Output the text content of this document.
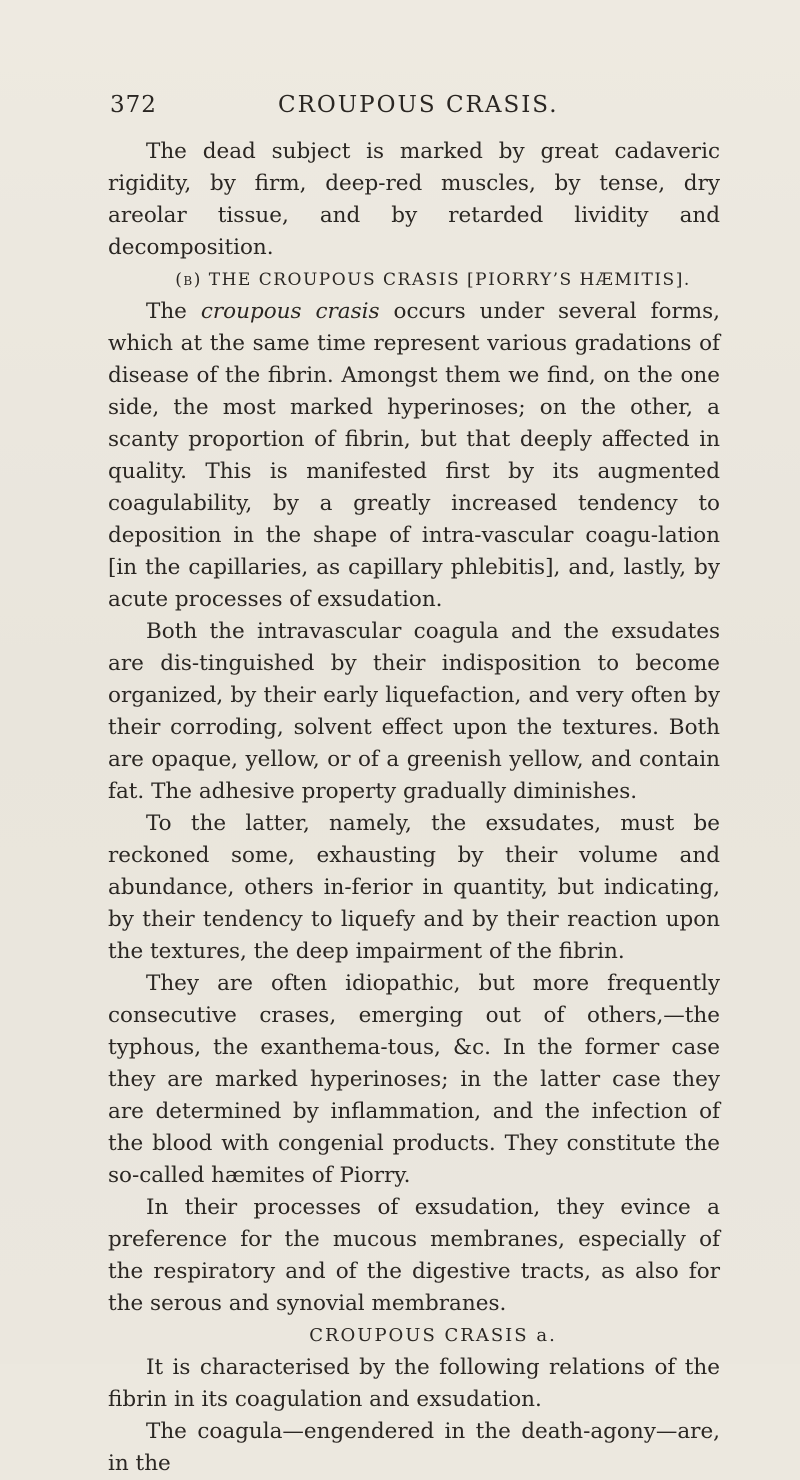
372	CROUPOUS CRASIS.

The dead subject is marked by great cadaveric rigidity, by firm, deep-red muscles, by tense, dry areolar tissue, and by retarded lividity and decomposition.

(b) THE CROUPOUS CRASIS [PIORRY’S HÆMITIS].

The croupous crasis occurs under several forms, which at the same time represent various gradations of disease of the fibrin. Amongst them we find, on the one side, the most marked hyperinoses; on the other, a scanty proportion of fibrin, but that deeply affected in quality. This is manifested first by its augmented coagulability, by a greatly increased tendency to deposition in the shape of intra-vascular coagu-lation [in the capillaries, as capillary phlebitis], and, lastly, by acute processes of exsudation.

Both the intravascular coagula and the exsudates are dis-tinguished by their indisposition to become organized, by their early liquefaction, and very often by their corroding, solvent effect upon the textures. Both are opaque, yellow, or of a greenish yellow, and contain fat. The adhesive property gradually diminishes.

To the latter, namely, the exsudates, must be reckoned some, exhausting by their volume and abundance, others in-ferior in quantity, but indicating, by their tendency to liquefy and by their reaction upon the textures, the deep impairment of the fibrin.

They are often idiopathic, but more frequently consecutive crases, emerging out of others,—the typhous, the exanthema-tous, &c. In the former case they are marked hyperinoses; in the latter case they are determined by inflammation, and the infection of the blood with congenial products. They constitute the so-called hæmites of Piorry.

In their processes of exsudation, they evince a preference for the mucous membranes, especially of the respiratory and of the digestive tracts, as also for the serous and synovial membranes.

CROUPOUS CRASIS a.

It is characterised by the following relations of the fibrin in its coagulation and exsudation.

The coagula—engendered in the death-agony—are, in the
